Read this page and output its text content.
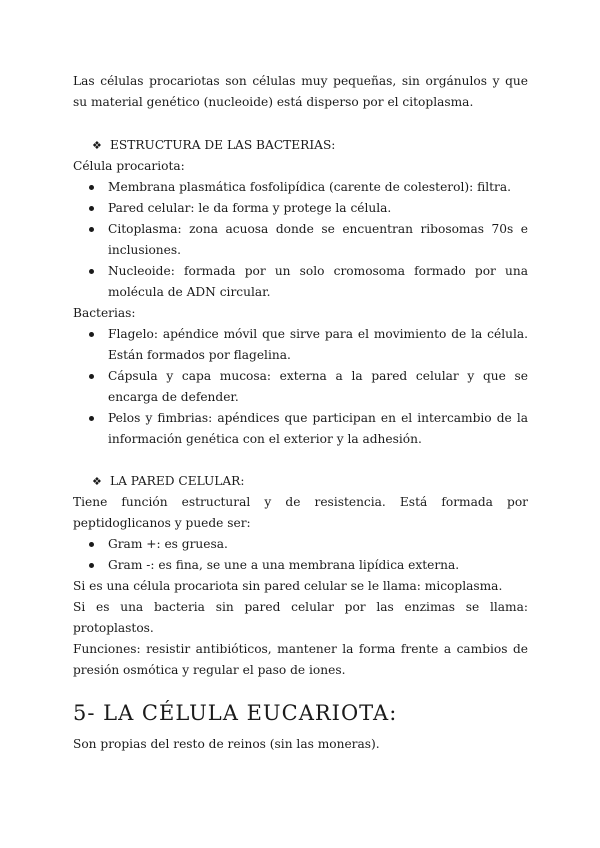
Las células procariotas son células muy pequeñas, sin orgánulos y que su material genético (nucleoide) está disperso por el citoplasma.

❖ ESTRUCTURA DE LAS BACTERIAS:

Célula procariota:

Membrana plasmática fosfolipídica (carente de colesterol): filtra.
Pared celular: le da forma y protege la célula.
Citoplasma: zona acuosa donde se encuentran ribosomas 70s e inclusiones.
Nucleoide: formada por un solo cromosoma formado por una molécula de ADN circular.

Bacterias:

Flagelo: apéndice móvil que sirve para el movimiento de la célula. Están formados por flagelina.
Cápsula y capa mucosa: externa a la pared celular y que se encarga de defender.
Pelos y fimbrias: apéndices que participan en el intercambio de la información genética con el exterior y la adhesión.

❖ LA PARED CELULAR:

Tiene función estructural y de resistencia. Está formada por peptidoglicanos y puede ser:

Gram +: es gruesa.
Gram -: es fina, se une a una membrana lipídica externa.

Si es una célula procariota sin pared celular se le llama: micoplasma.

Si es una bacteria sin pared celular por las enzimas se llama: protoplastos.

Funciones: resistir antibióticos, mantener la forma frente a cambios de presión osmótica y regular el paso de iones.

5- LA CÉLULA EUCARIOTA:

Son propias del resto de reinos (sin las moneras).
